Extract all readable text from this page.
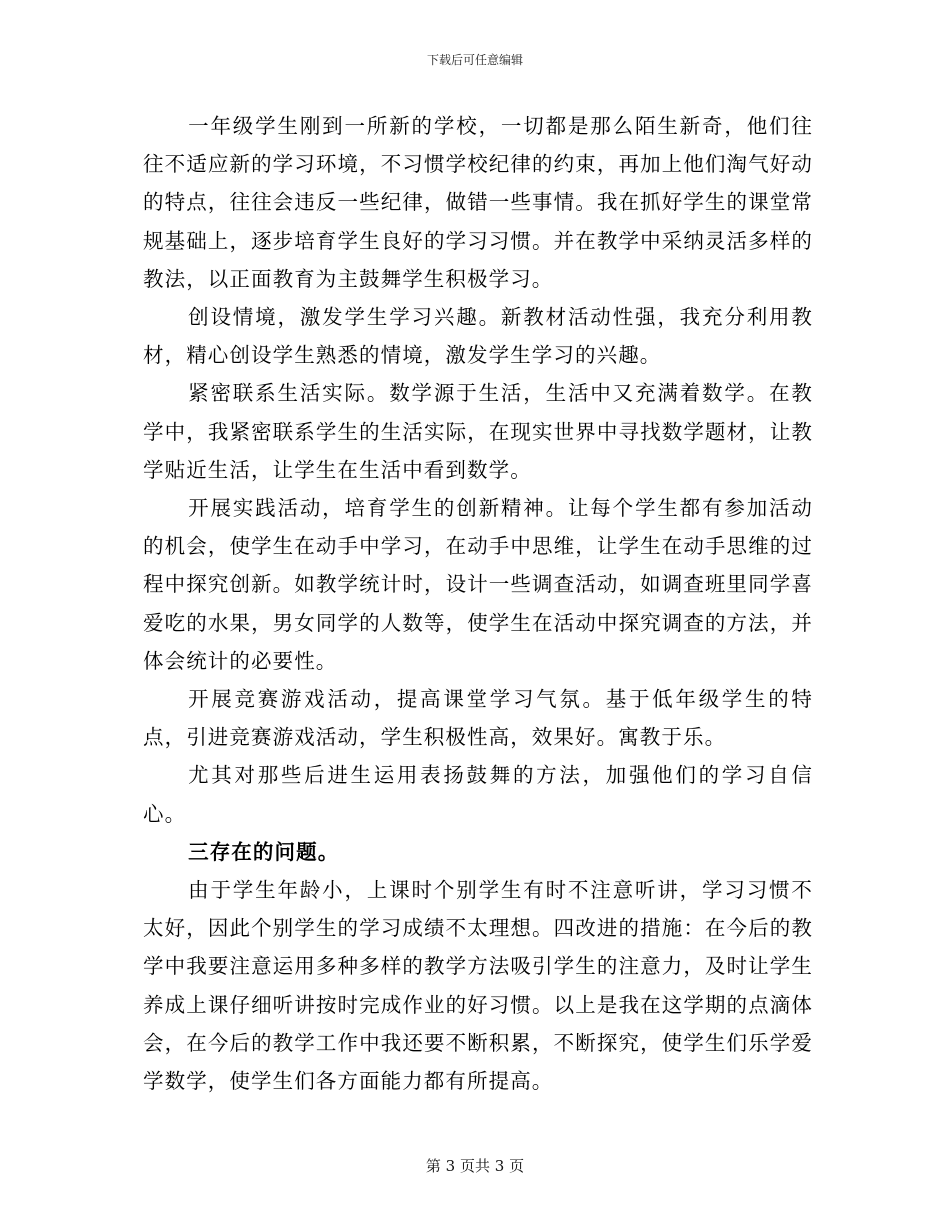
下载后可任意编辑

一年级学生刚到一所新的学校，一切都是那么陌生新奇，他们往往不适应新的学习环境，不习惯学校纪律的约束，再加上他们淘气好动的特点，往往会违反一些纪律，做错一些事情。我在抓好学生的课堂常规基础上，逐步培育学生良好的学习习惯。并在教学中采纳灵活多样的教法，以正面教育为主鼓舞学生积极学习。

创设情境，激发学生学习兴趣。新教材活动性强，我充分利用教材，精心创设学生熟悉的情境，激发学生学习的兴趣。

紧密联系生活实际。数学源于生活，生活中又充满着数学。在教学中，我紧密联系学生的生活实际，在现实世界中寻找数学题材，让教学贴近生活，让学生在生活中看到数学。

开展实践活动，培育学生的创新精神。让每个学生都有参加活动的机会，使学生在动手中学习，在动手中思维，让学生在动手思维的过程中探究创新。如教学统计时，设计一些调查活动，如调查班里同学喜爱吃的水果，男女同学的人数等，使学生在活动中探究调查的方法，并体会统计的必要性。

开展竞赛游戏活动，提高课堂学习气氛。基于低年级学生的特点，引进竞赛游戏活动，学生积极性高，效果好。寓教于乐。

尤其对那些后进生运用表扬鼓舞的方法，加强他们的学习自信心。

三存在的问题。

由于学生年龄小，上课时个别学生有时不注意听讲，学习习惯不太好，因此个别学生的学习成绩不太理想。四改进的措施：在今后的教学中我要注意运用多种多样的教学方法吸引学生的注意力，及时让学生养成上课仔细听讲按时完成作业的好习惯。以上是我在这学期的点滴体会，在今后的教学工作中我还要不断积累，不断探究，使学生们乐学爱学数学，使学生们各方面能力都有所提高。

第 3 页共 3 页
